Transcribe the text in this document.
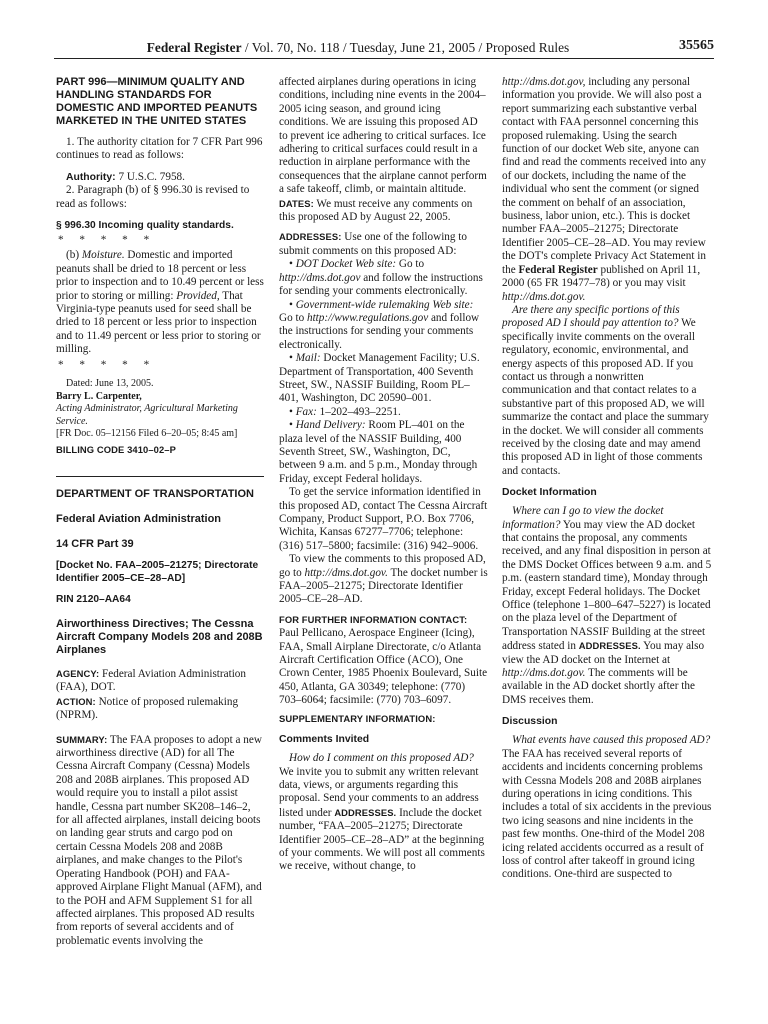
Federal Register / Vol. 70, No. 118 / Tuesday, June 21, 2005 / Proposed Rules	35565

PART 996—MINIMUM QUALITY AND HANDLING STANDARDS FOR DOMESTIC AND IMPORTED PEANUTS MARKETED IN THE UNITED STATES

1. The authority citation for 7 CFR Part 996 continues to read as follows:

Authority: 7 U.S.C. 7958.

2. Paragraph (b) of § 996.30 is revised to read as follows:

§ 996.30 Incoming quality standards.

* * * * *

(b) Moisture. Domestic and imported peanuts shall be dried to 18 percent or less prior to inspection and to 10.49 percent or less prior to storing or milling: Provided, That Virginia-type peanuts used for seed shall be dried to 18 percent or less prior to inspection and to 11.49 percent or less prior to storing or milling.

* * * * *

Dated: June 13, 2005.

Barry L. Carpenter,

Acting Administrator, Agricultural Marketing Service.

[FR Doc. 05–12156 Filed 6–20–05; 8:45 am]

BILLING CODE 3410–02–P

DEPARTMENT OF TRANSPORTATION

Federal Aviation Administration

14 CFR Part 39

[Docket No. FAA–2005–21275; Directorate Identifier 2005–CE–28–AD]

RIN 2120–AA64

Airworthiness Directives; The Cessna Aircraft Company Models 208 and 208B Airplanes

AGENCY: Federal Aviation Administration (FAA), DOT.

ACTION: Notice of proposed rulemaking (NPRM).

SUMMARY: The FAA proposes to adopt a new airworthiness directive (AD) for all The Cessna Aircraft Company (Cessna) Models 208 and 208B airplanes. This proposed AD would require you to install a pilot assist handle, Cessna part number SK208–146–2, for all affected airplanes, install deicing boots on landing gear struts and cargo pod on certain Cessna Models 208 and 208B airplanes, and make changes to the Pilot's Operating Handbook (POH) and FAA-approved Airplane Flight Manual (AFM), and to the POH and AFM Supplement S1 for all affected airplanes. This proposed AD results from reports of several accidents and of problematic events involving the

affected airplanes during operations in icing conditions, including nine events in the 2004–2005 icing season, and ground icing conditions. We are issuing this proposed AD to prevent ice adhering to critical surfaces. Ice adhering to critical surfaces could result in a reduction in airplane performance with the consequences that the airplane cannot perform a safe takeoff, climb, or maintain altitude.

DATES: We must receive any comments on this proposed AD by August 22, 2005.

ADDRESSES: Use one of the following to submit comments on this proposed AD:

• DOT Docket Web site: Go to http://dms.dot.gov and follow the instructions for sending your comments electronically.

• Government-wide rulemaking Web site: Go to http://www.regulations.gov and follow the instructions for sending your comments electronically.

• Mail: Docket Management Facility; U.S. Department of Transportation, 400 Seventh Street, SW., NASSIF Building, Room PL–401, Washington, DC 20590–001.

• Fax: 1–202–493–2251.

• Hand Delivery: Room PL–401 on the plaza level of the NASSIF Building, 400 Seventh Street, SW., Washington, DC, between 9 a.m. and 5 p.m., Monday through Friday, except Federal holidays.

To get the service information identified in this proposed AD, contact The Cessna Aircraft Company, Product Support, P.O. Box 7706, Wichita, Kansas 67277–7706; telephone: (316) 517–5800; facsimile: (316) 942–9006.

To view the comments to this proposed AD, go to http://dms.dot.gov. The docket number is FAA–2005–21275; Directorate Identifier 2005–CE–28–AD.

FOR FURTHER INFORMATION CONTACT: Paul Pellicano, Aerospace Engineer (Icing), FAA, Small Airplane Directorate, c/o Atlanta Aircraft Certification Office (ACO), One Crown Center, 1985 Phoenix Boulevard, Suite 450, Atlanta, GA 30349; telephone: (770) 703–6064; facsimile: (770) 703–6097.

SUPPLEMENTARY INFORMATION:

Comments Invited

How do I comment on this proposed AD? We invite you to submit any written relevant data, views, or arguments regarding this proposal. Send your comments to an address listed under ADDRESSES. Include the docket number, “FAA–2005–21275; Directorate Identifier 2005–CE–28–AD” at the beginning of your comments. We will post all comments we receive, without change, to

http://dms.dot.gov, including any personal information you provide. We will also post a report summarizing each substantive verbal contact with FAA personnel concerning this proposed rulemaking. Using the search function of our docket Web site, anyone can find and read the comments received into any of our dockets, including the name of the individual who sent the comment (or signed the comment on behalf of an association, business, labor union, etc.). This is docket number FAA–2005–21275; Directorate Identifier 2005–CE–28–AD. You may review the DOT's complete Privacy Act Statement in the Federal Register published on April 11, 2000 (65 FR 19477–78) or you may visit http://dms.dot.gov.

Are there any specific portions of this proposed AD I should pay attention to? We specifically invite comments on the overall regulatory, economic, environmental, and energy aspects of this proposed AD. If you contact us through a nonwritten communication and that contact relates to a substantive part of this proposed AD, we will summarize the contact and place the summary in the docket. We will consider all comments received by the closing date and may amend this proposed AD in light of those comments and contacts.

Docket Information

Where can I go to view the docket information? You may view the AD docket that contains the proposal, any comments received, and any final disposition in person at the DMS Docket Offices between 9 a.m. and 5 p.m. (eastern standard time), Monday through Friday, except Federal holidays. The Docket Office (telephone 1–800–647–5227) is located on the plaza level of the Department of Transportation NASSIF Building at the street address stated in ADDRESSES. You may also view the AD docket on the Internet at http://dms.dot.gov. The comments will be available in the AD docket shortly after the DMS receives them.

Discussion

What events have caused this proposed AD? The FAA has received several reports of accidents and incidents concerning problems with Cessna Models 208 and 208B airplanes during operations in icing conditions. This includes a total of six accidents in the previous two icing seasons and nine incidents in the past few months. One-third of the Model 208 icing related accidents occurred as a result of loss of control after takeoff in ground icing conditions. One-third are suspected to
